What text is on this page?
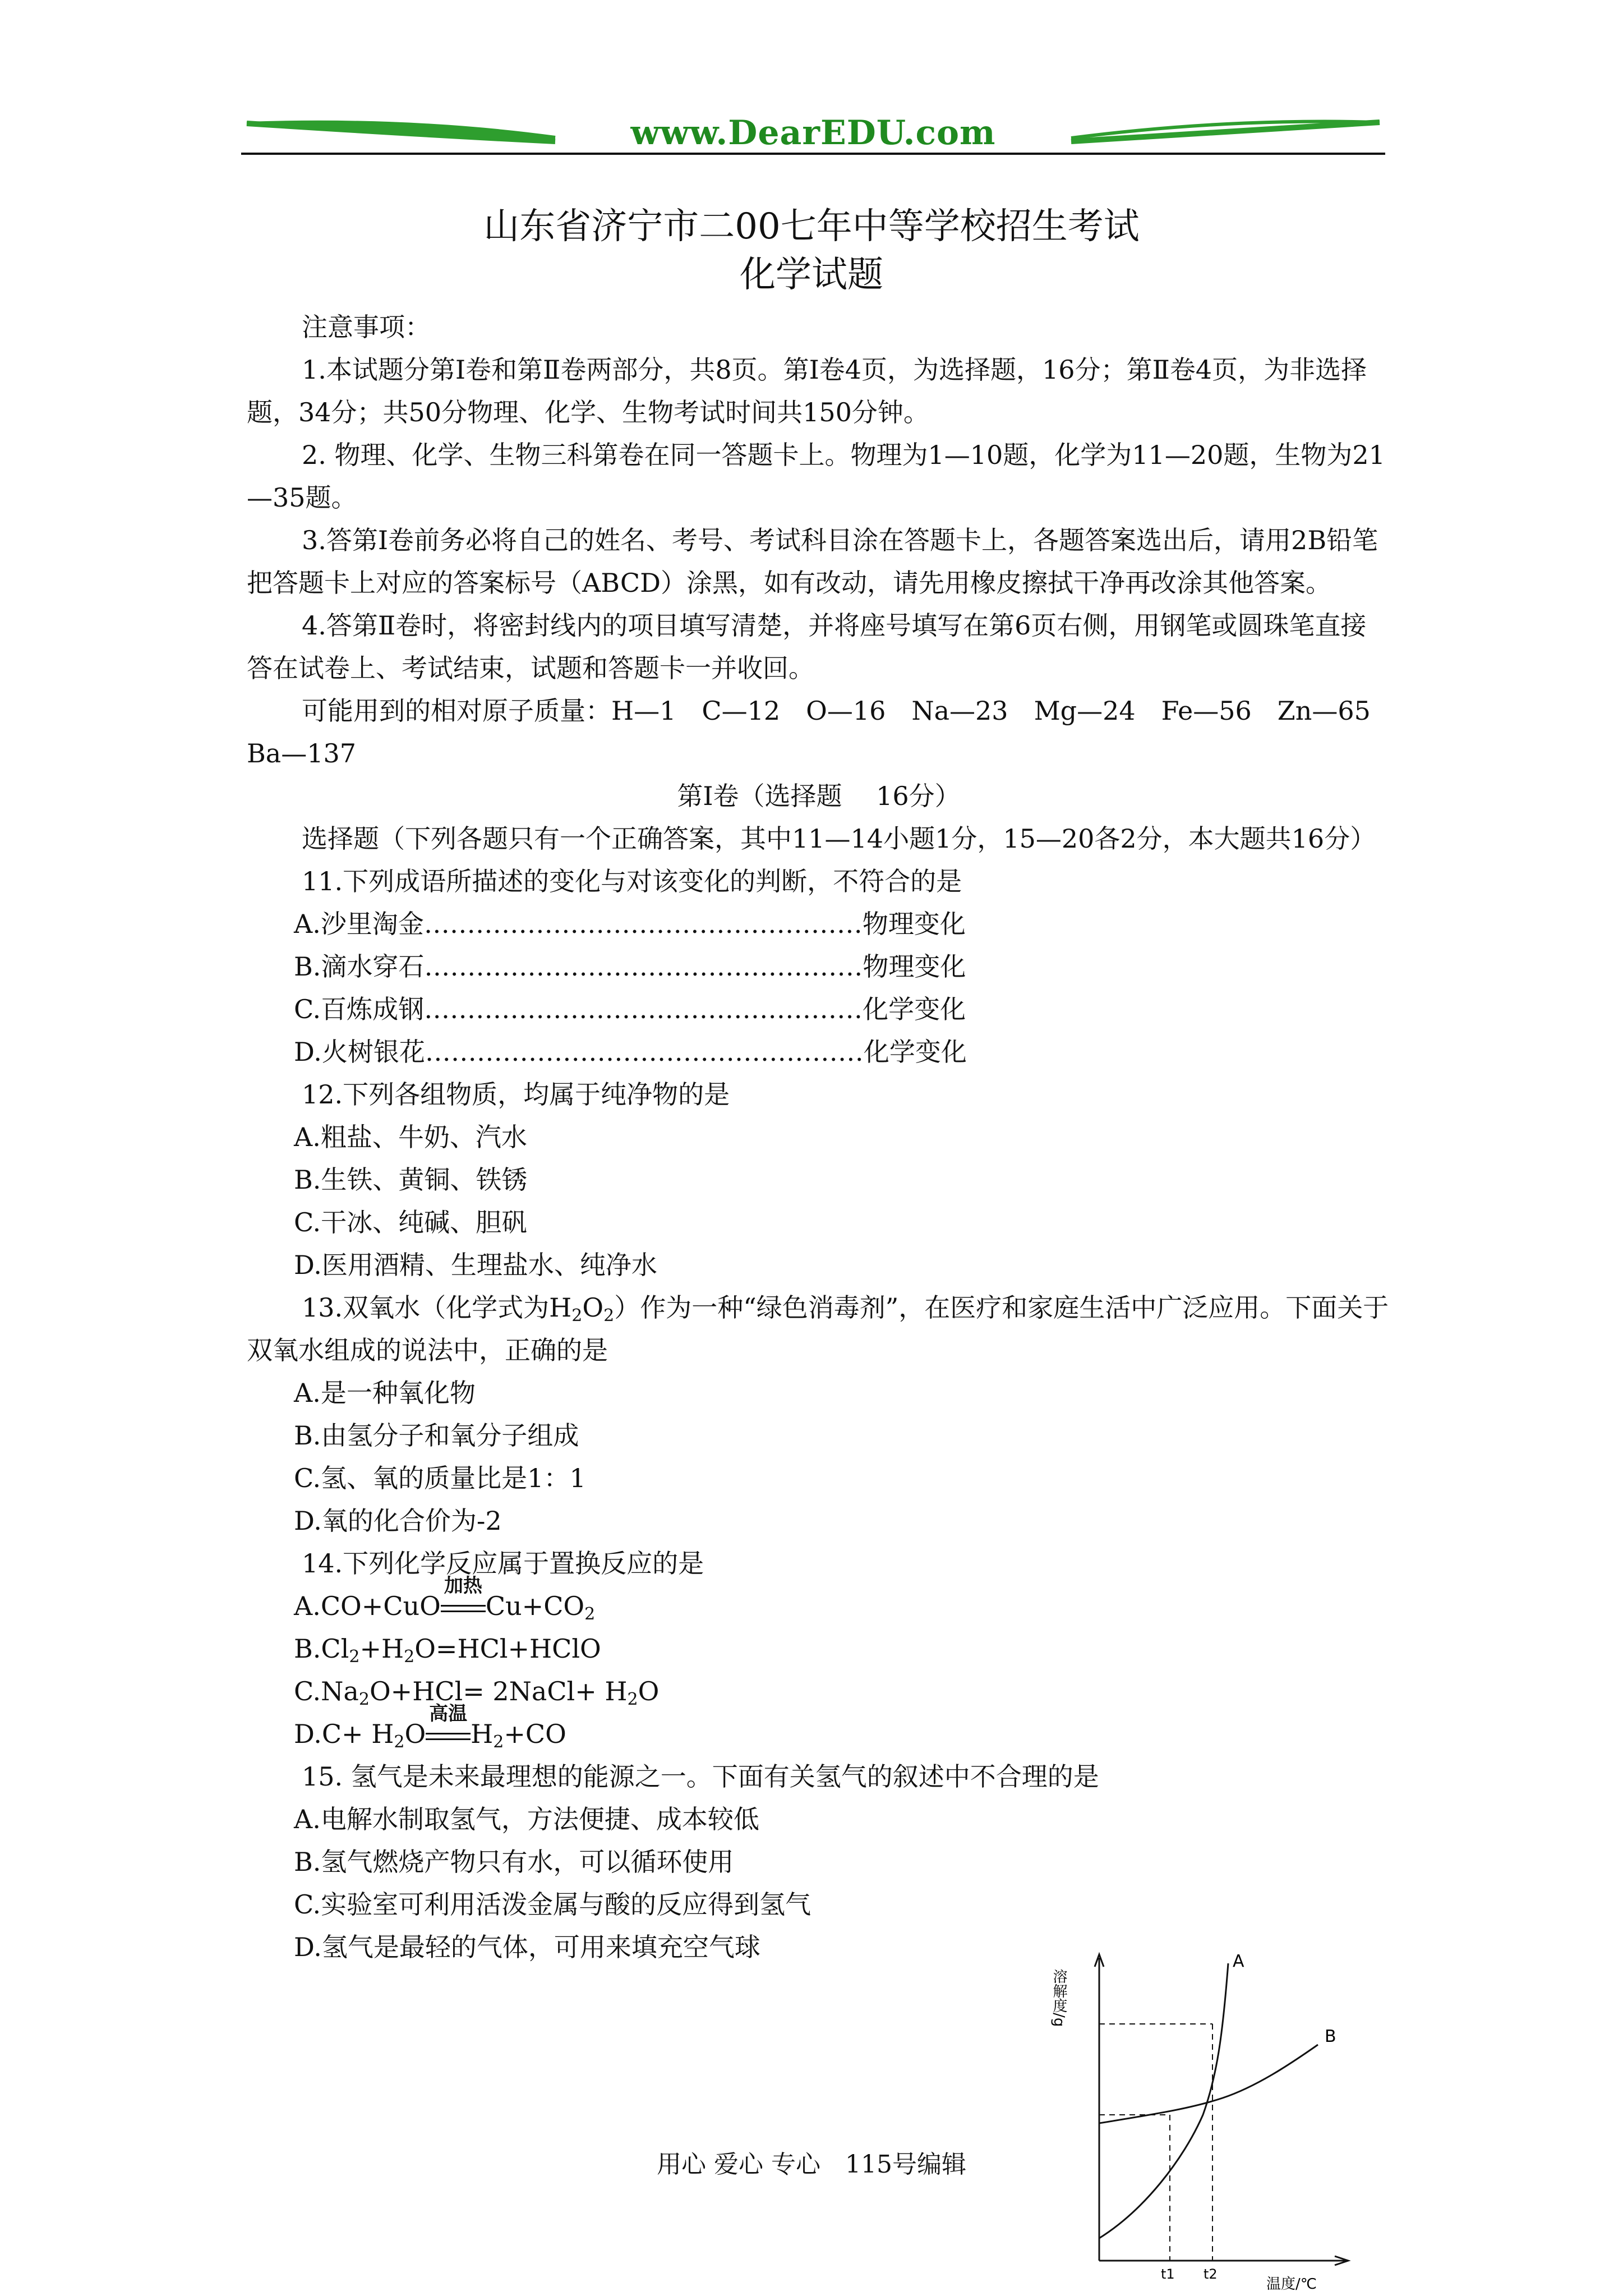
www.DearEDU.com
山东省济宁市二00七年中等学校招生考试
化学试题

注意事项：

1.本试题分第Ⅰ卷和第Ⅱ卷两部分，共8页。第Ⅰ卷4页，为选择题，16分；第Ⅱ卷4页，为非选择题，34分；共50分物理、化学、生物考试时间共150分钟。

2. 物理、化学、生物三科第卷在同一答题卡上。物理为1—10题，化学为11—20题，生物为21—35题。

3.答第Ⅰ卷前务必将自己的姓名、考号、考试科目涂在答题卡上，各题答案选出后，请用2B铅笔把答题卡上对应的答案标号（ABCD）涂黑，如有改动，请先用橡皮擦拭干净再改涂其他答案。

4.答第Ⅱ卷时，将密封线内的项目填写清楚，并将座号填写在第6页右侧，用钢笔或圆珠笔直接答在试卷上、考试结束，试题和答题卡一并收回。

可能用到的相对原子质量：H—1　C—12　O—16　Na—23　Mg—24　Fe—56　Zn—65　Ba—137

第Ⅰ卷（选择题　 16分）

选择题（下列各题只有一个正确答案，其中11—14小题1分，15—20各2分，本大题共16分）

11.下列成语所描述的变化与对该变化的判断，不符合的是

A.沙里淘金……………………………………………物理变化

B.滴水穿石……………………………………………物理变化

C.百炼成钢……………………………………………化学变化

D.火树银花……………………………………………化学变化

12.下列各组物质，均属于纯净物的是

A.粗盐、牛奶、汽水

B.生铁、黄铜、铁锈

C.干冰、纯碱、胆矾

D.医用酒精、生理盐水、纯净水

13.双氧水（化学式为$H_2O_2$）作为一种“绿色消毒剂”，在医疗和家庭生活中广泛应用。下面关于双氧水组成的说法中，正确的是

A.是一种氧化物

B.由氢分子和氧分子组成

C.氢、氧的质量比是1：1

D.氧的化合价为-2

14.下列化学反应属于置换反应的是

A.CO+CuO
加热
$Cu+CO_2$

$B.Cl_2+H_2O=HCl+HClO$

$C.Na_2O+HCl=$ 2NaCl+ $H_2O$

$D.C+ H_2O$
高温
$H_2+CO$

15. 氢气是未来最理想的能源之一。下面有关氢气的叙述中不合理的是

A.电解水制取氢气，方法便捷、成本较低

B.氢气燃烧产物只有水，可以循环使用

C.实验室可利用活泼金属与酸的反应得到氢气

D.氢气是最轻的气体，可用来填充空气球

溶解度/g
温度/℃
A
B
t1 t2
用心 爱心 专心　115号编辑
